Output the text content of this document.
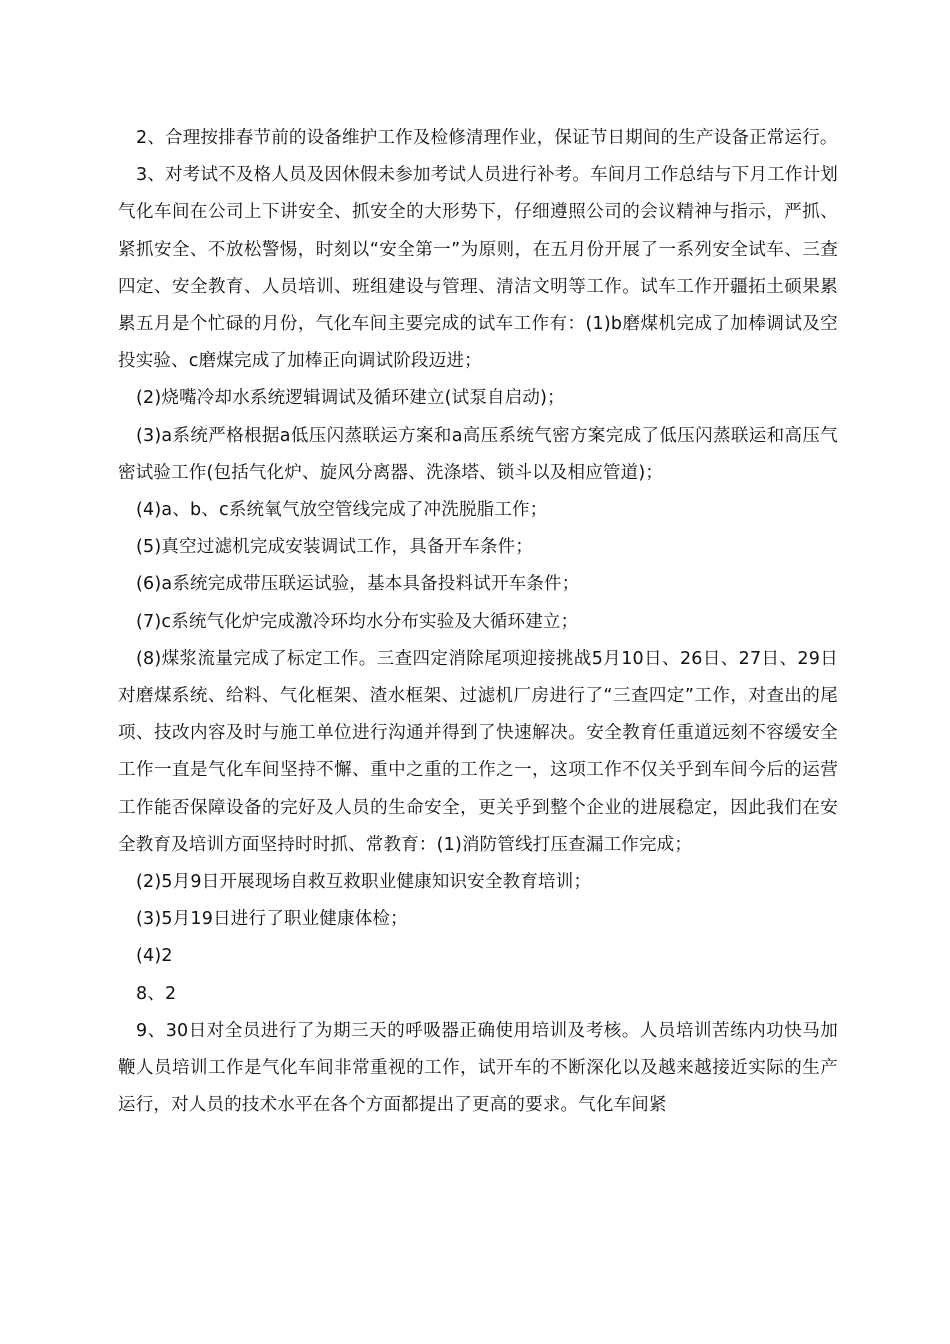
2、合理按排春节前的设备维护工作及检修清理作业，保证节日期间的生产设备正常运行。

3、对考试不及格人员及因休假未参加考试人员进行补考。车间月工作总结与下月工作计划气化车间在公司上下讲安全、抓安全的大形势下，仔细遵照公司的会议精神与指示，严抓、紧抓安全、不放松警惕，时刻以“安全第一”为原则，在五月份开展了一系列安全试车、三查四定、安全教育、人员培训、班组建设与管理、清洁文明等工作。试车工作开疆拓土硕果累累五月是个忙碌的月份，气化车间主要完成的试车工作有：(1)b磨煤机完成了加棒调试及空投实验、c磨煤完成了加棒正向调试阶段迈进；

(2)烧嘴冷却水系统逻辑调试及循环建立(试泵自启动)；

(3)a系统严格根据a低压闪蒸联运方案和a高压系统气密方案完成了低压闪蒸联运和高压气密试验工作(包括气化炉、旋风分离器、洗涤塔、锁斗以及相应管道)；

(4)a、b、c系统氧气放空管线完成了冲洗脱脂工作；

(5)真空过滤机完成安装调试工作，具备开车条件；

(6)a系统完成带压联运试验，基本具备投料试开车条件；

(7)c系统气化炉完成激冷环均水分布实验及大循环建立；

(8)煤浆流量完成了标定工作。三查四定消除尾项迎接挑战5月10日、26日、27日、29日对磨煤系统、给料、气化框架、渣水框架、过滤机厂房进行了“三查四定”工作，对查出的尾项、技改内容及时与施工单位进行沟通并得到了快速解决。安全教育任重道远刻不容缓安全工作一直是气化车间坚持不懈、重中之重的工作之一，这项工作不仅关乎到车间今后的运营工作能否保障设备的完好及人员的生命安全，更关乎到整个企业的进展稳定，因此我们在安全教育及培训方面坚持时时抓、常教育：(1)消防管线打压查漏工作完成；

(2)5月9日开展现场自救互救职业健康知识安全教育培训；

(3)5月19日进行了职业健康体检；

(4)2

8、2

9、30日对全员进行了为期三天的呼吸器正确使用培训及考核。人员培训苦练内功快马加鞭人员培训工作是气化车间非常重视的工作，试开车的不断深化以及越来越接近实际的生产运行，对人员的技术水平在各个方面都提出了更高的要求。气化车间紧
